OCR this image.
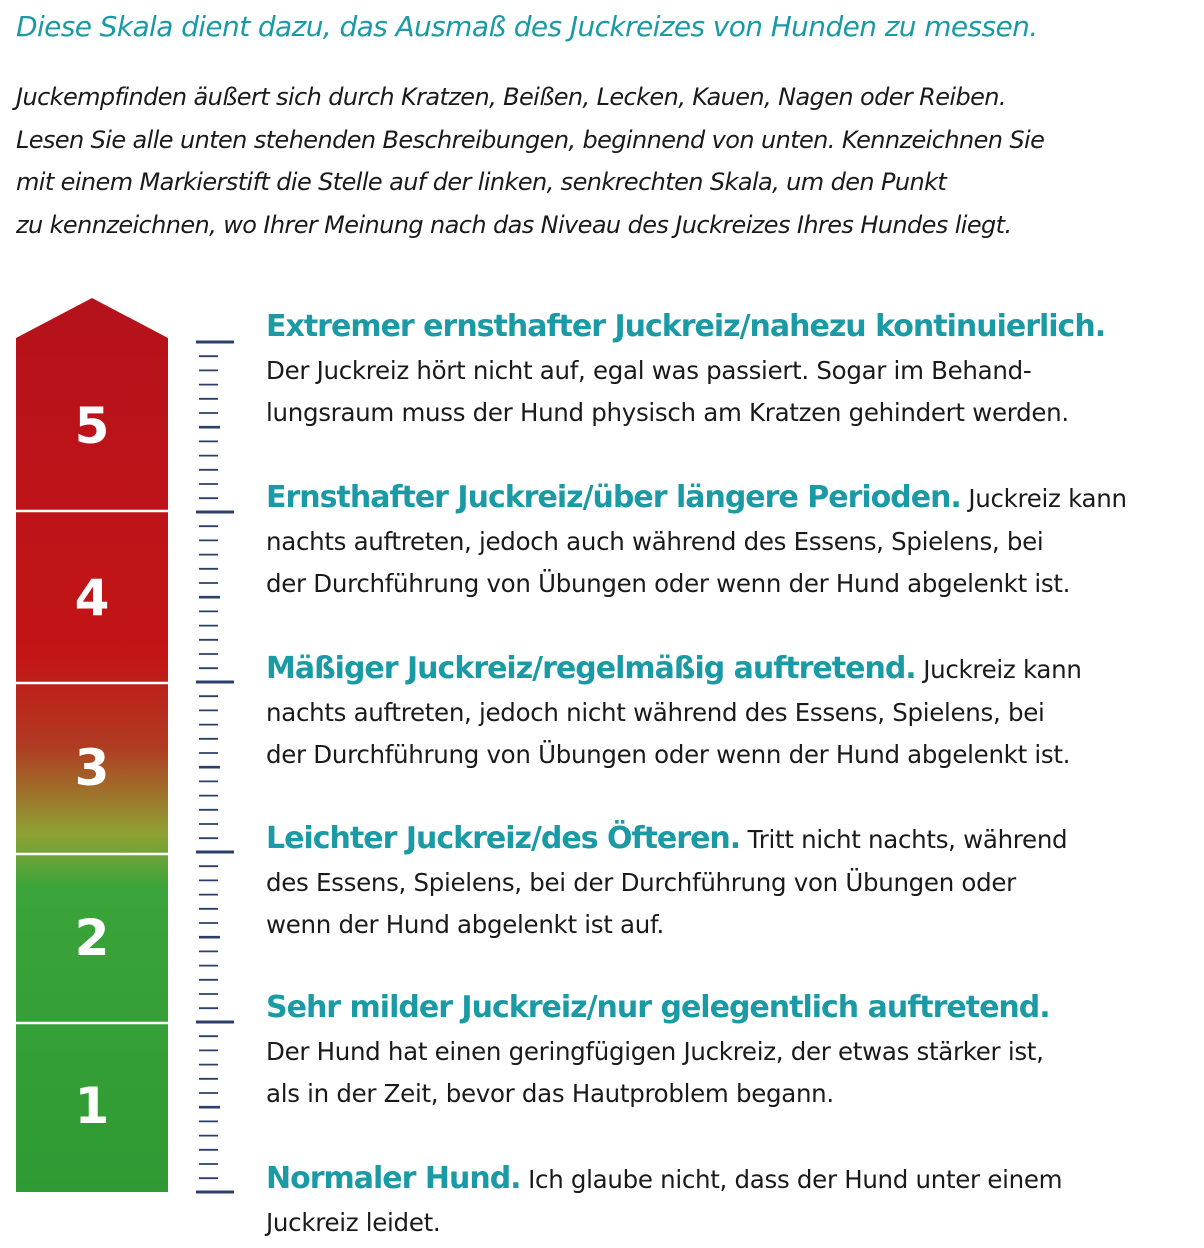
Diese Skala dient dazu, das Ausmaß des Juckreizes von Hunden zu messen.
Juckempfinden äußert sich durch Kratzen, Beißen, Lecken, Kauen, Nagen oder Reiben.
Lesen Sie alle unten stehenden Beschreibungen, beginnend von unten. Kennzeichnen Sie
mit einem Markierstift die Stelle auf der linken, senkrechten Skala, um den Punkt
zu kennzeichnen, wo Ihrer Meinung nach das Niveau des Juckreizes Ihres Hundes liegt.
5
4
3
2
1
Extremer ernsthafter Juckreiz/nahezu kontinuierlich.
Der Juckreiz hört nicht auf, egal was passiert. Sogar im Behand-
lungsraum muss der Hund physisch am Kratzen gehindert werden.
Ernsthafter Juckreiz/über längere Perioden. Juckreiz kann
nachts auftreten, jedoch auch während des Essens, Spielens, bei
der Durchführung von Übungen oder wenn der Hund abgelenkt ist.
Mäßiger Juckreiz/regelmäßig auftretend. Juckreiz kann
nachts auftreten, jedoch nicht während des Essens, Spielens, bei
der Durchführung von Übungen oder wenn der Hund abgelenkt ist.
Leichter Juckreiz/des Öfteren. Tritt nicht nachts, während
des Essens, Spielens, bei der Durchführung von Übungen oder
wenn der Hund abgelenkt ist auf.
Sehr milder Juckreiz/nur gelegentlich auftretend.
Der Hund hat einen geringfügigen Juckreiz, der etwas stärker ist,
als in der Zeit, bevor das Hautproblem begann.
Normaler Hund. Ich glaube nicht, dass der Hund unter einem
Juckreiz leidet.
